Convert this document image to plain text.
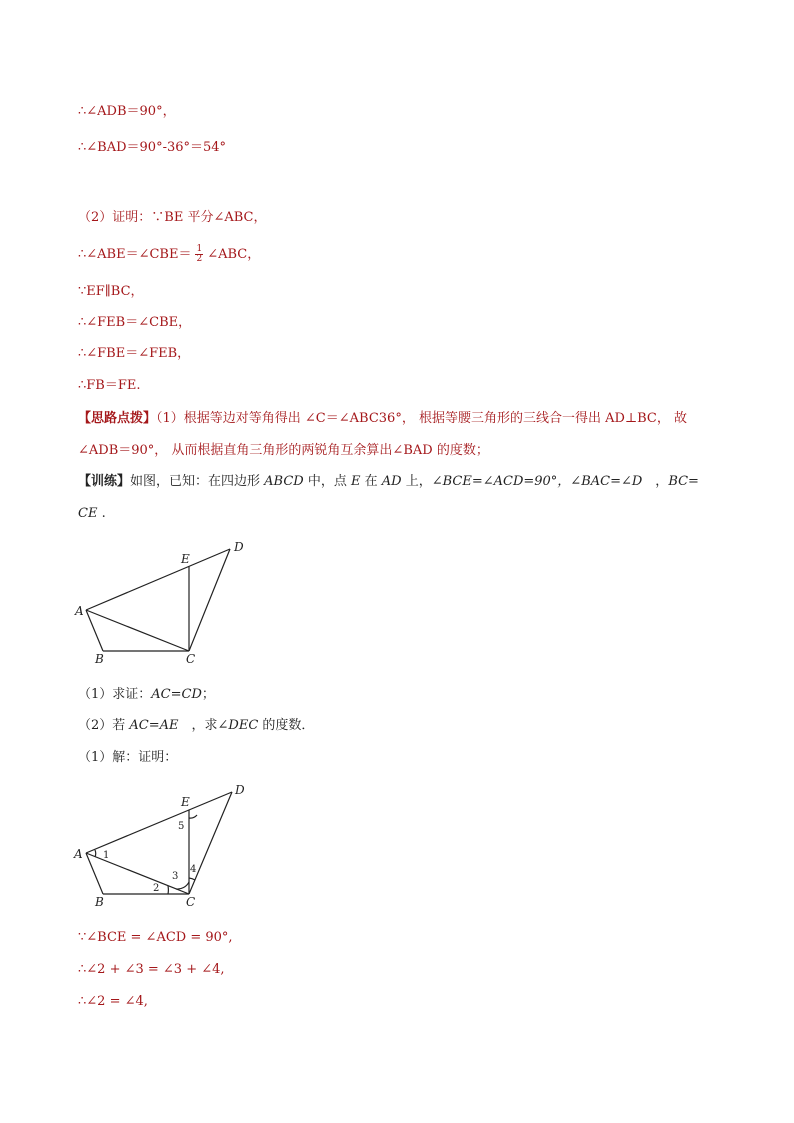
∴∠ADB＝90°，
∴∠BAD＝90°-36°＝54°
（2）证明：∵BE 平分∠ABC，
∴∠ABE＝∠CBE＝ $\frac{1}{2}$ ∠ABC，
∵EF∥BC，
∴∠FEB＝∠CBE，
∴∠FBE＝∠FEB，
∴FB＝FE.
【思路点拨】（1）根据等边对等角得出 ∠C＝∠ABC36°， 根据等腰三角形的三线合一得出 AD⊥BC， 故
∠ADB＝90°， 从而根据直角三角形的两锐角互余算出∠BAD 的度数；
【训练】如图，已知：在四边形 ABCD 中，点 E 在 AD 上，∠BCE=∠ACD=90°，∠BAC=∠D　，BC=
CE .
A
B	C
D
E
（1）求证：AC=CD；
（2）若 AC=AE　，求∠DEC 的度数．
（1）解：证明：
A
B	C
D
E
1
2
3
4
5
∵∠BCE = ∠ACD = 90°,
∴∠2 + ∠3 = ∠3 + ∠4,
∴∠2 = ∠4,
